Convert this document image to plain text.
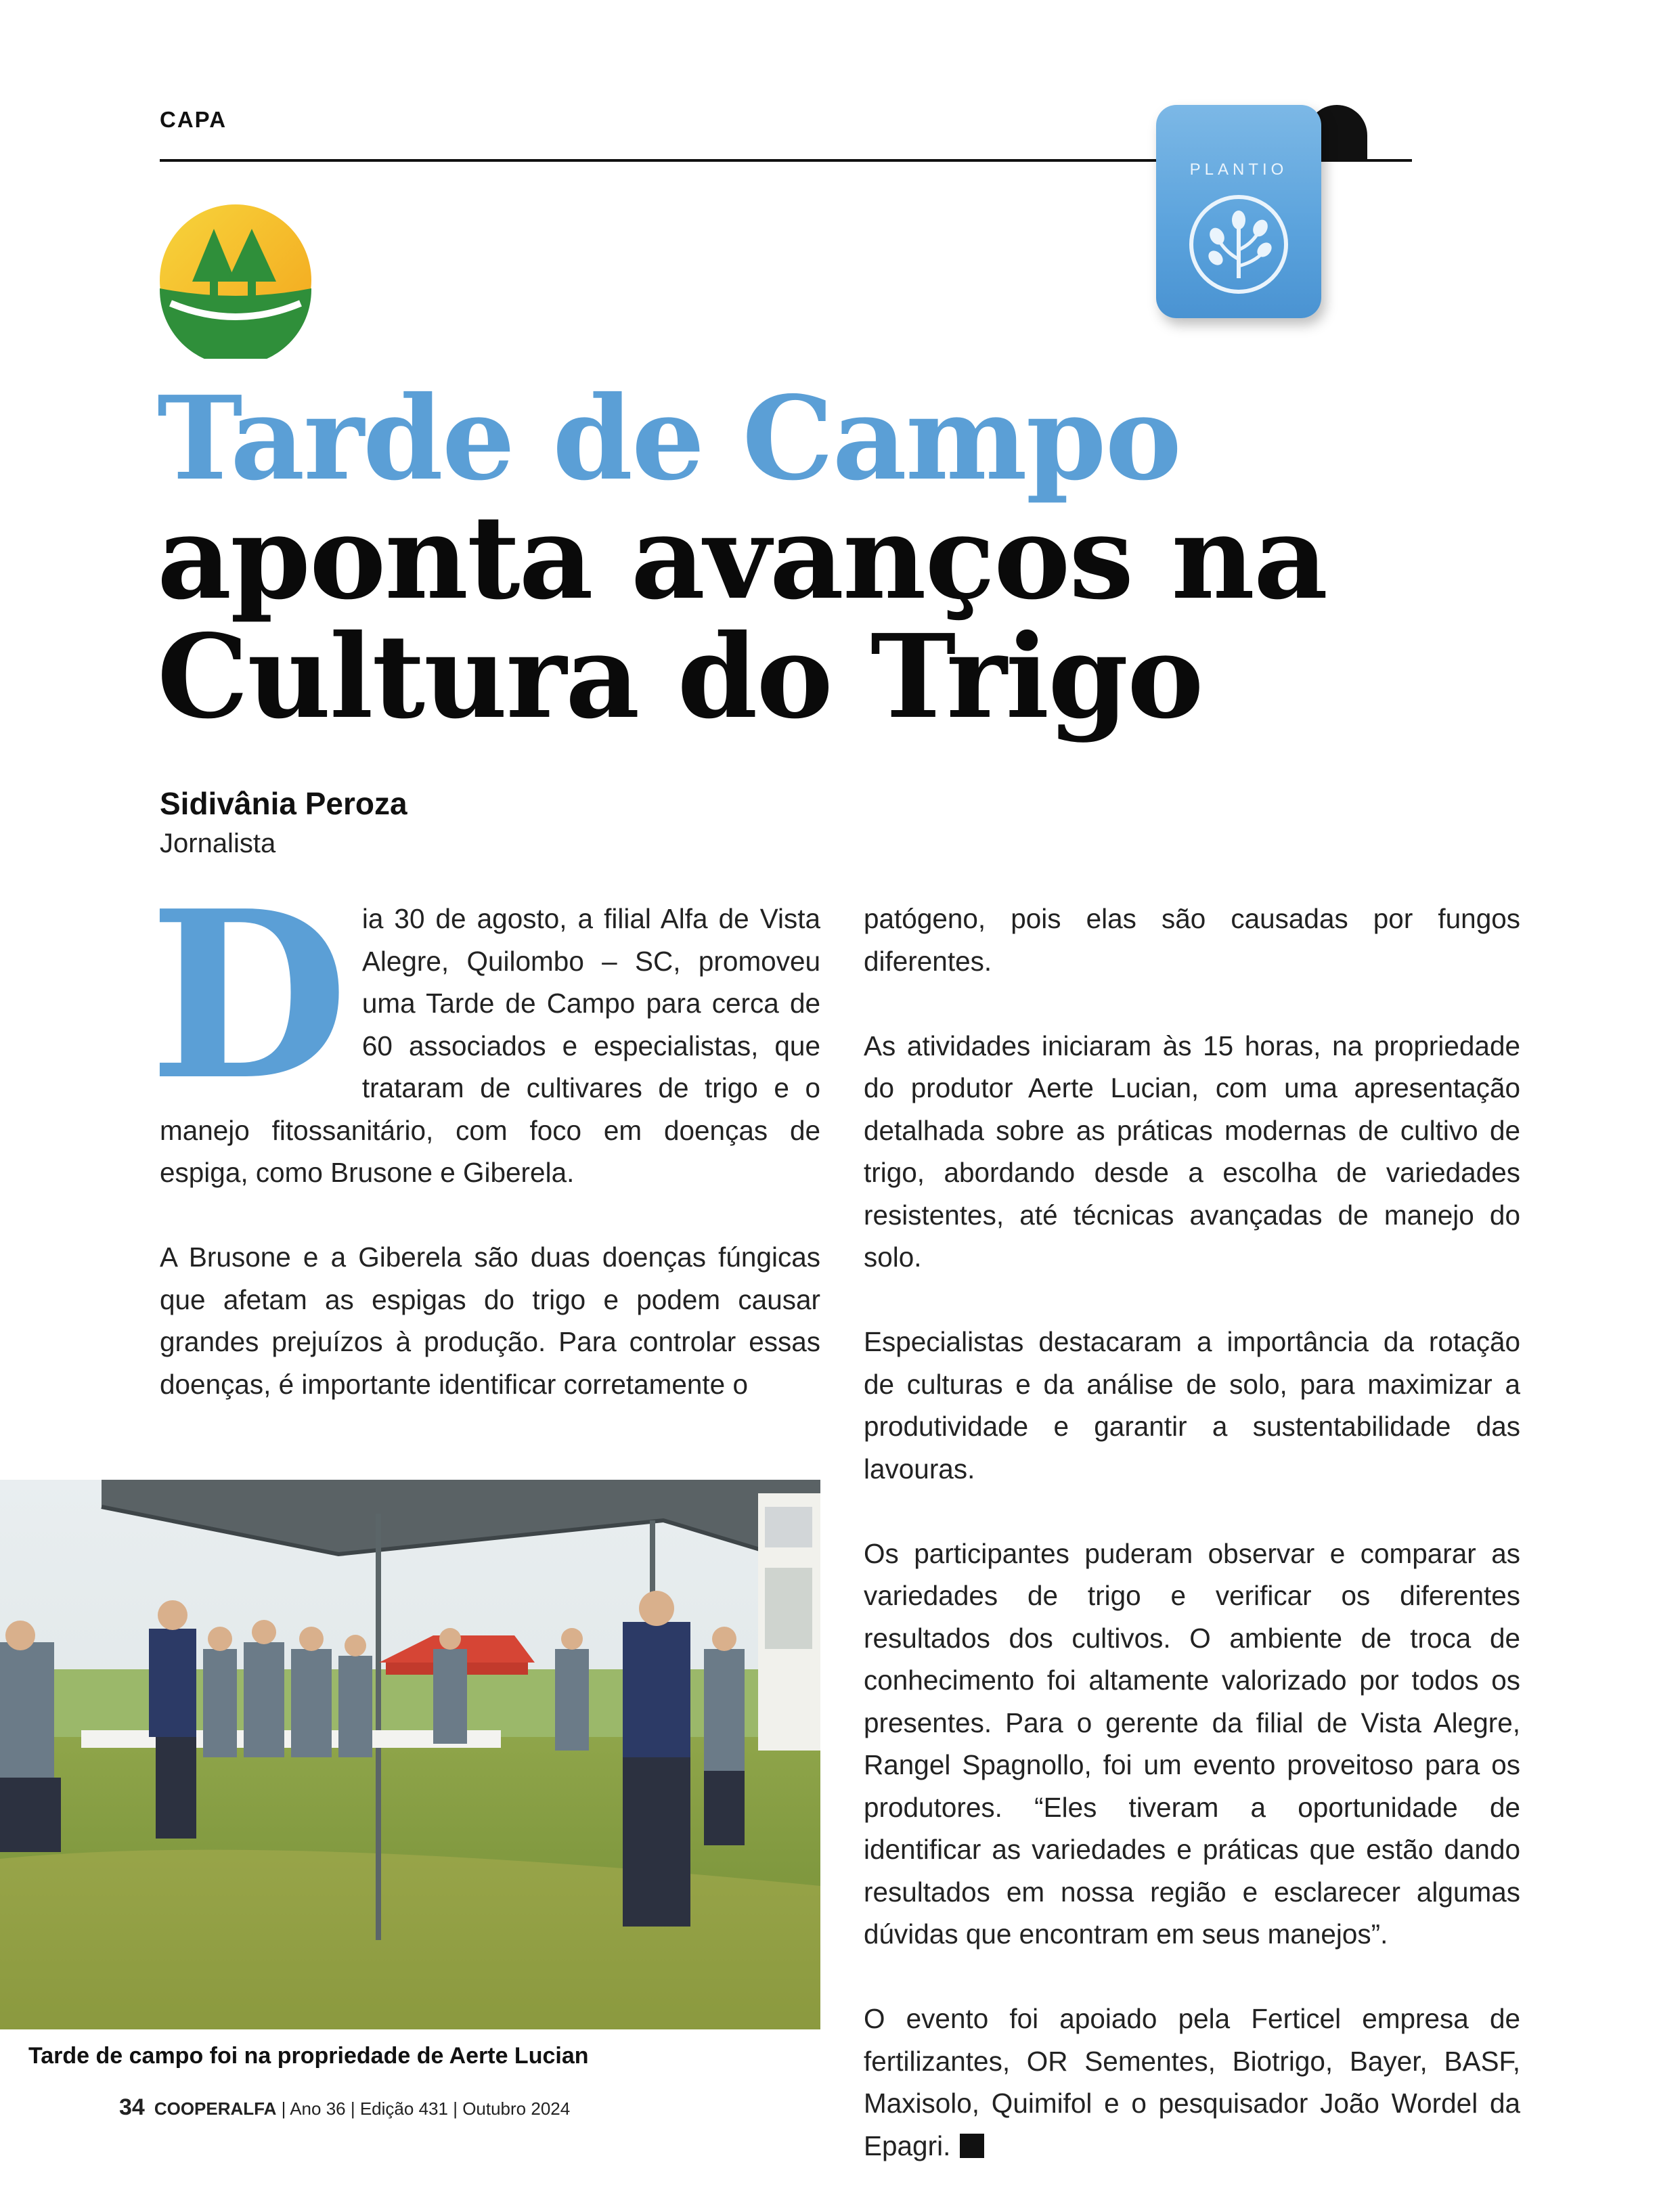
CAPA
PLANTIO
Tarde de Campo
aponta avanços na
Cultura do Trigo
Sidivânia Peroza
Jornalista

Dia 30 de agosto, a filial Alfa de Vista Alegre, Quilombo – SC, promoveu uma Tarde de Campo para cerca de 60 associados e especialistas, que trataram de cultivares de trigo e o manejo fitossanitário, com foco em doenças de espiga, como Brusone e Giberela.

A Brusone e a Giberela são duas doenças fúngicas que afetam as espigas do trigo e podem causar grandes prejuízos à produção. Para controlar essas doenças, é importante identificar corretamente o

patógeno, pois elas são causadas por fungos diferentes.

As atividades iniciaram às 15 horas, na propriedade do produtor Aerte Lucian, com uma apresentação detalhada sobre as práticas modernas de cultivo de trigo, abordando desde a escolha de variedades resistentes, até técnicas avançadas de manejo do solo.

Especialistas destacaram a importância da rotação de culturas e da análise de solo, para maximizar a produtividade e garantir a sustentabilidade das lavouras.

Os participantes puderam observar e comparar as variedades de trigo e verificar os diferentes resultados dos cultivos. O ambiente de troca de conhecimento foi altamente valorizado por todos os presentes. Para o gerente da filial de Vista Alegre, Rangel Spagnollo, foi um evento proveitoso para os produtores. “Eles tiveram a oportunidade de identificar as variedades e práticas que estão dando resultados em nossa região e esclarecer algumas dúvidas que encontram em seus manejos”.

O evento foi apoiado pela Ferticel empresa de fertilizantes, OR Sementes, Biotrigo, Bayer, BASF, Maxisolo, Quimifol e o pesquisador João Wordel da Epagri.

Tarde de campo foi na propriedade de Aerte Lucian
34 COOPERALFA | Ano 36 | Edição 431 | Outubro 2024
